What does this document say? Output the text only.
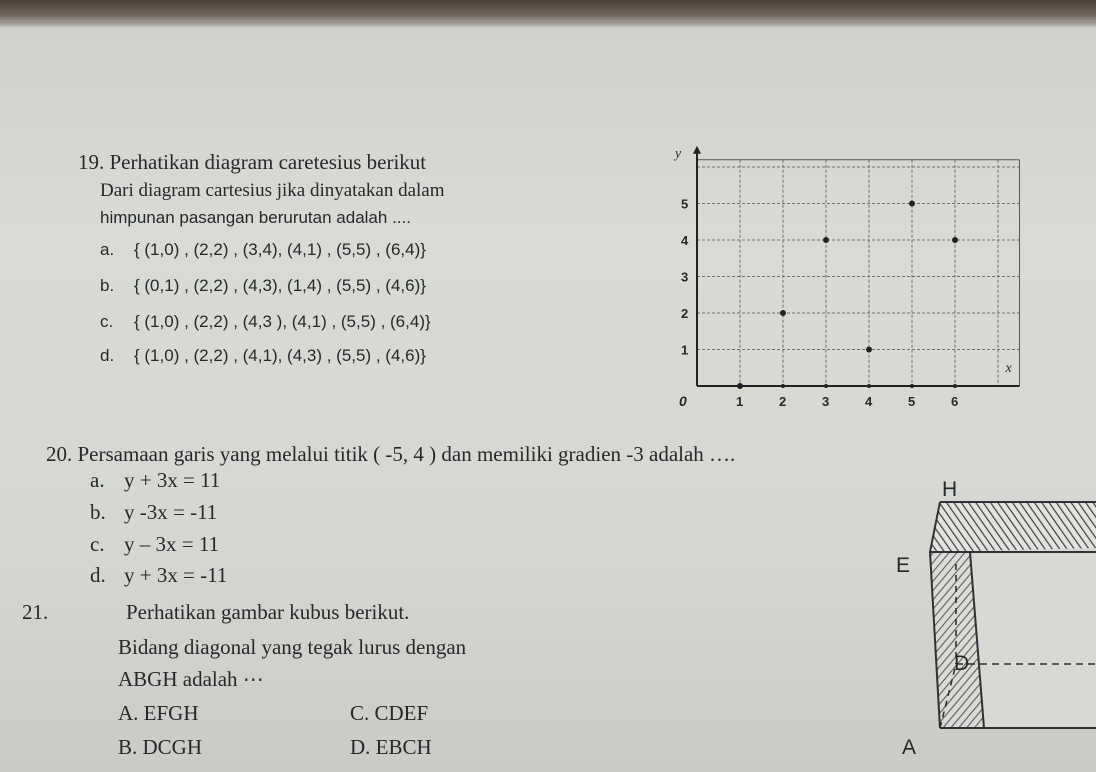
19. Perhatikan diagram caretesius berikut
Dari diagram cartesius jika dinyatakan dalam
himpunan pasangan berurutan adalah ....
a. { (1,0) , (2,2) , (3,4), (4,1) , (5,5) , (6,4)}
b. { (0,1) , (2,2) , (4,3), (1,4) , (5,5) , (4,6)}
c. { (1,0) , (2,2) , (4,3 ), (4,1) , (5,5) , (6,4)}
d. { (1,0) , (2,2) , (4,1), (4,3) , (5,5) , (4,6)}
1	2	3	4	5	6
1
2
3
4
5
0
x
y
20. Persamaan garis yang melalui titik ( -5, 4 ) dan memiliki gradien -3 adalah ….
a. y + 3x = 11
b. y -3x = -11
c. y – 3x = 11
d. y + 3x = -11
21.	Perhatikan gambar kubus berikut.
Bidang diagonal yang tegak lurus dengan
ABGH adalah ⋯
A. EFGH	C. CDEF
B. DCGH	D. EBCH
H
E
D
A
